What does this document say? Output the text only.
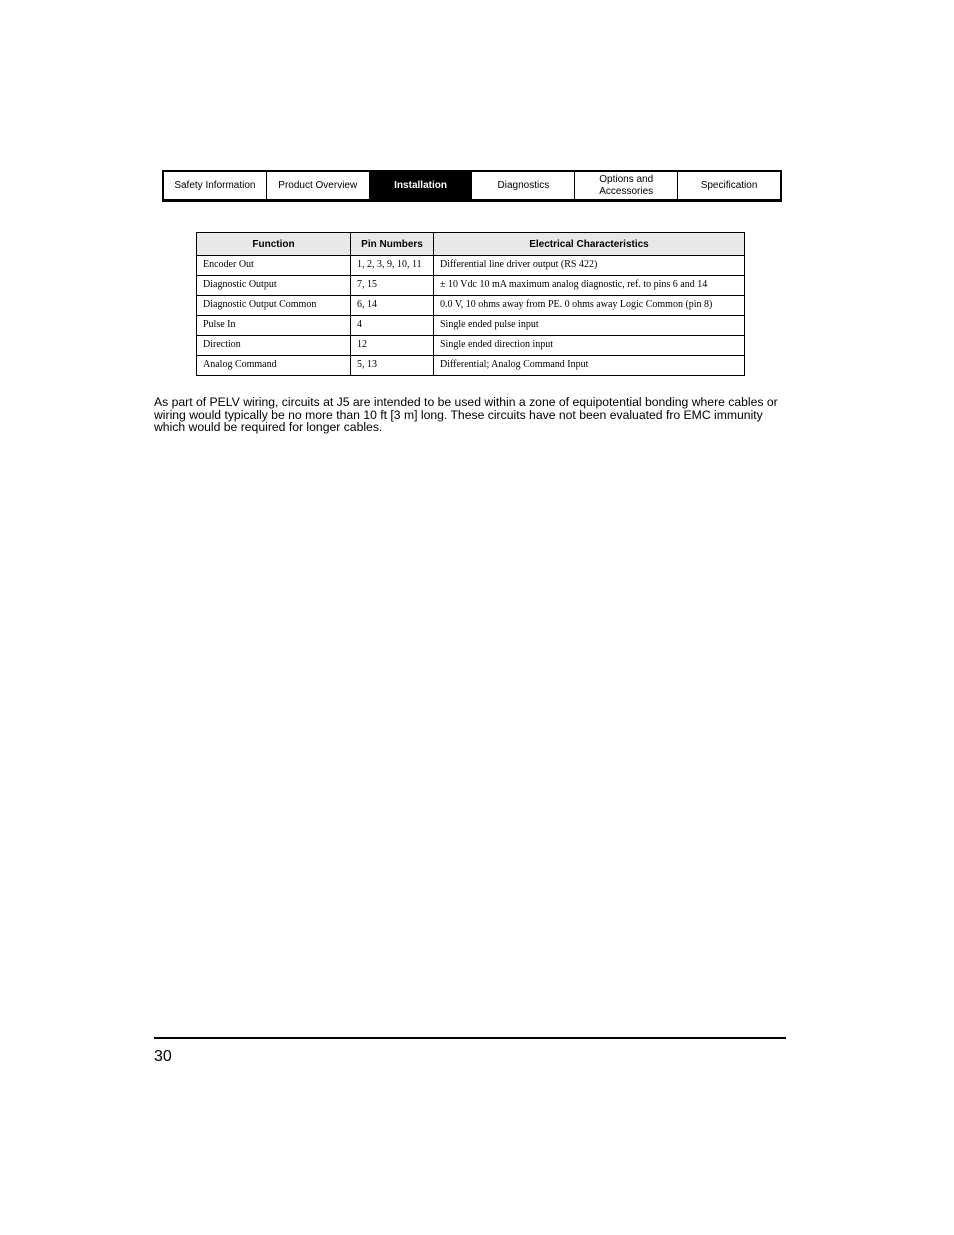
Safety Information	Product Overview	Installation	Diagnostics
Options and
Accessories
Specification
Function	Pin Numbers	Electrical Characteristics
Encoder Out	1, 2, 3, 9, 10, 11	Differential line driver output (RS 422)
Diagnostic Output	7, 15	± 10 Vdc 10 mA maximum analog diagnostic, ref. to pins 6 and 14
Diagnostic Output Common	6, 14	0.0 V, 10 ohms away from PE. 0 ohms away Logic Common (pin 8)
Pulse In	4	Single ended pulse input
Direction	12	Single ended direction input
Analog Command	5, 13	Differential; Analog Command Input

As part of PELV wiring, circuits at J5 are intended to be used within a zone of equipotential bonding where cables or wiring would typically be no more than 10 ft [3 m] long. These circuits have not been evaluated fro EMC immunity which would be required for longer cables.

30
